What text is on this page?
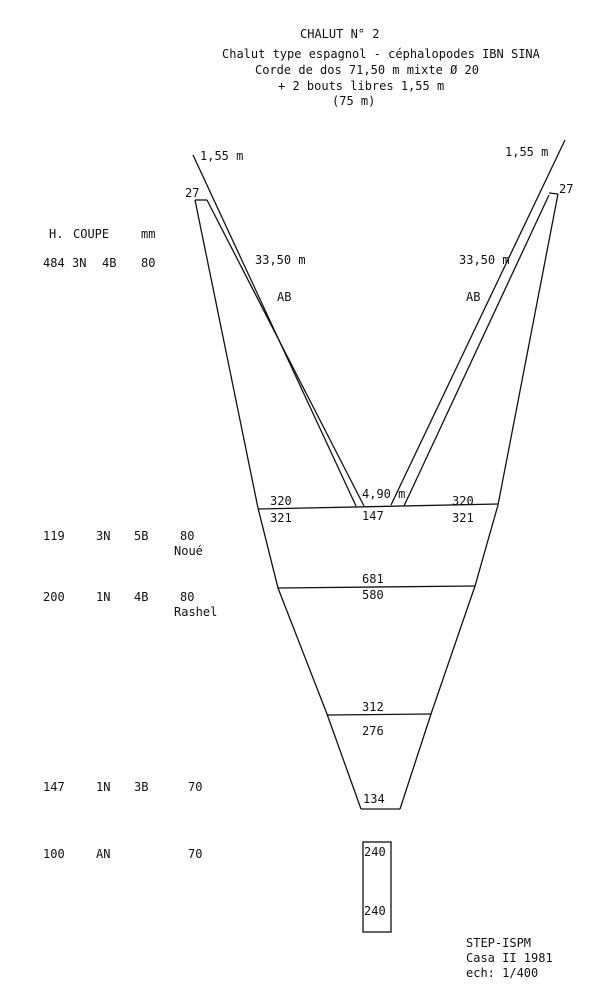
CHALUT N° 2
Chalut type espagnol - céphalopodes IBN SINA
Corde de dos 71,50 m mixte Ø 20
+ 2 bouts libres 1,55 m
(75 m)
H. COUPE	mm
484 3N 4B 80
119	3N 5B	80
Noué
200	1N 4B	80
Rashel
147	1N 3B	70
100	AN	70
1,55 m	1,55 m
27	27
33,50 m	33,50 m
AB	AB
4,90 m
320
321	147
320
321
681
580
312
276
134
240
240
STEP-ISPM
Casa II 1981
ech: 1/400
